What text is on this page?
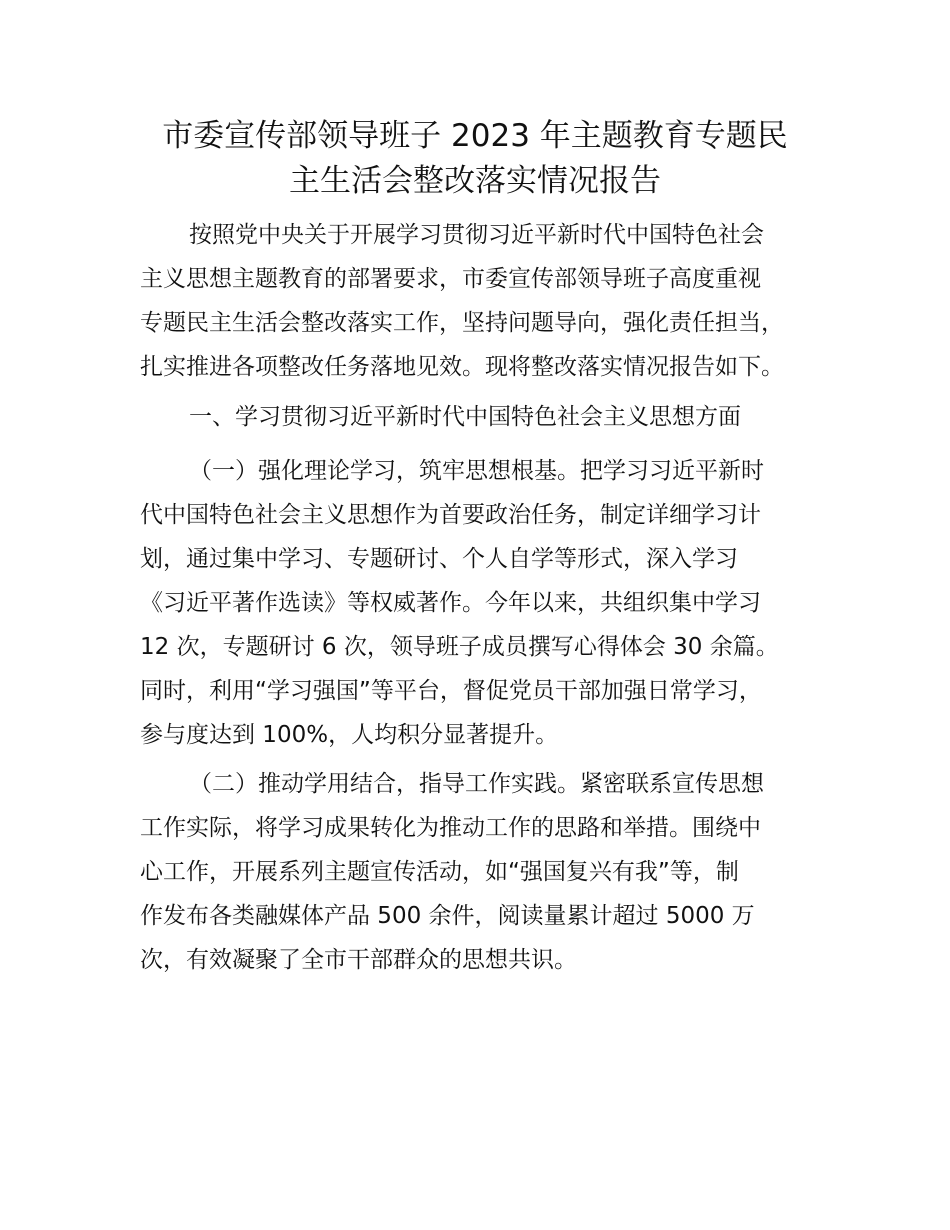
市委宣传部领导班子 2023 年主题教育专题民
主生活会整改落实情况报告
按照党中央关于开展学习贯彻习近平新时代中国特色社会
主义思想主题教育的部署要求，市委宣传部领导班子高度重视
专题民主生活会整改落实工作，坚持问题导向，强化责任担当，
扎实推进各项整改任务落地见效。现将整改落实情况报告如下。
一、学习贯彻习近平新时代中国特色社会主义思想方面
（一）强化理论学习，筑牢思想根基。把学习习近平新时
代中国特色社会主义思想作为首要政治任务，制定详细学习计
划，通过集中学习、专题研讨、个人自学等形式，深入学习
《习近平著作选读》等权威著作。今年以来，共组织集中学习
12 次，专题研讨 6 次，领导班子成员撰写心得体会 30 余篇。
同时，利用“学习强国”等平台，督促党员干部加强日常学习，
参与度达到 100%，人均积分显著提升。
（二）推动学用结合，指导工作实践。紧密联系宣传思想
工作实际，将学习成果转化为推动工作的思路和举措。围绕中
心工作，开展系列主题宣传活动，如“强国复兴有我”等，制
作发布各类融媒体产品 500 余件，阅读量累计超过 5000 万
次，有效凝聚了全市干部群众的思想共识。
